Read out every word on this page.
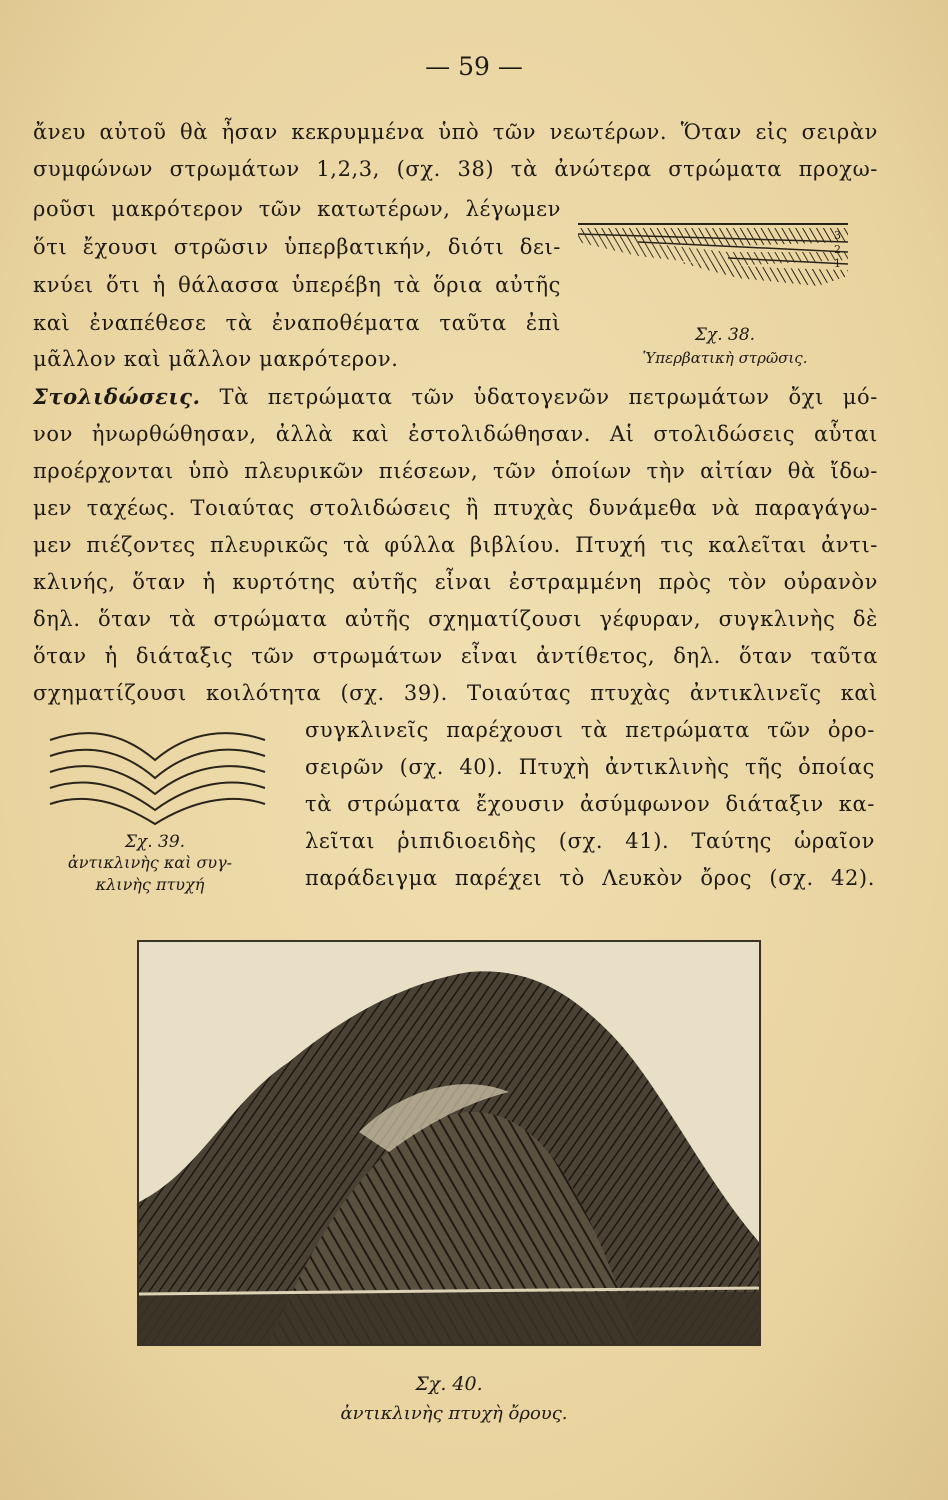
— 59 —
ἄνευ αὐτοῦ θὰ ἦσαν κεκρυμμένα ὑπὸ τῶν νεωτέρων. Ὅταν εἰς σειρὰν
συμφώνων στρωμάτων 1,2,3, (σχ. 38) τὰ ἀνώτερα στρώματα προχω-
ροῦσι μακρότερον τῶν κατωτέρων, λέγωμεν
ὅτι ἔχουσι στρῶσιν ὑπερβατικήν, διότι δει-
κνύει ὅτι ἡ θάλασσα ὑπερέβη τὰ ὅρια αὐτῆς
καὶ ἐναπέθεσε τὰ ἐναποθέματα ταῦτα ἐπὶ
μᾶλλον καὶ μᾶλλον μακρότερον.
3
2
1
Σχ. 38.
Ὑπερβατικὴ στρῶσις.
Στολιδώσεις. Τὰ πετρώματα τῶν ὑδατογενῶν πετρωμάτων ὄχι μό-
νον ἠνωρθώθησαν, ἀλλὰ καὶ ἐστολιδώθησαν. Αἱ στολιδώσεις αὗται
προέρχονται ὑπὸ πλευρικῶν πιέσεων, τῶν ὁποίων τὴν αἰτίαν θὰ ἴδω-
μεν ταχέως. Τοιαύτας στολιδώσεις ἢ πτυχὰς δυνάμεθα νὰ παραγάγω-
μεν πιέζοντες πλευρικῶς τὰ φύλλα βιβλίου. Πτυχή τις καλεῖται ἀντι-
κλινής, ὅταν ἡ κυρτότης αὐτῆς εἶναι ἐστραμμένη πρὸς τὸν οὐρανὸν
δηλ. ὅταν τὰ στρώματα αὐτῆς σχηματίζουσι γέφυραν, συγκλινὴς δὲ
ὅταν ἡ διάταξις τῶν στρωμάτων εἶναι ἀντίθετος, δηλ. ὅταν ταῦτα
σχηματίζουσι κοιλότητα (σχ. 39). Τοιαύτας πτυχὰς ἀντικλινεῖς καὶ
συγκλινεῖς παρέχουσι τὰ πετρώματα τῶν ὀρο-
σειρῶν (σχ. 40). Πτυχὴ ἀντικλινὴς τῆς ὁποίας
τὰ στρώματα ἔχουσιν ἀσύμφωνον διάταξιν κα-
λεῖται ῥιπιδιοειδὴς (σχ. 41). Ταύτης ὡραῖον
παράδειγμα παρέχει τὸ Λευκὸν ὄρος (σχ. 42).
Σχ. 39.
ἀντικλινὴς καὶ συγ-
κλινὴς πτυχή
Σχ. 40.
ἀντικλινὴς πτυχὴ ὄρους.
